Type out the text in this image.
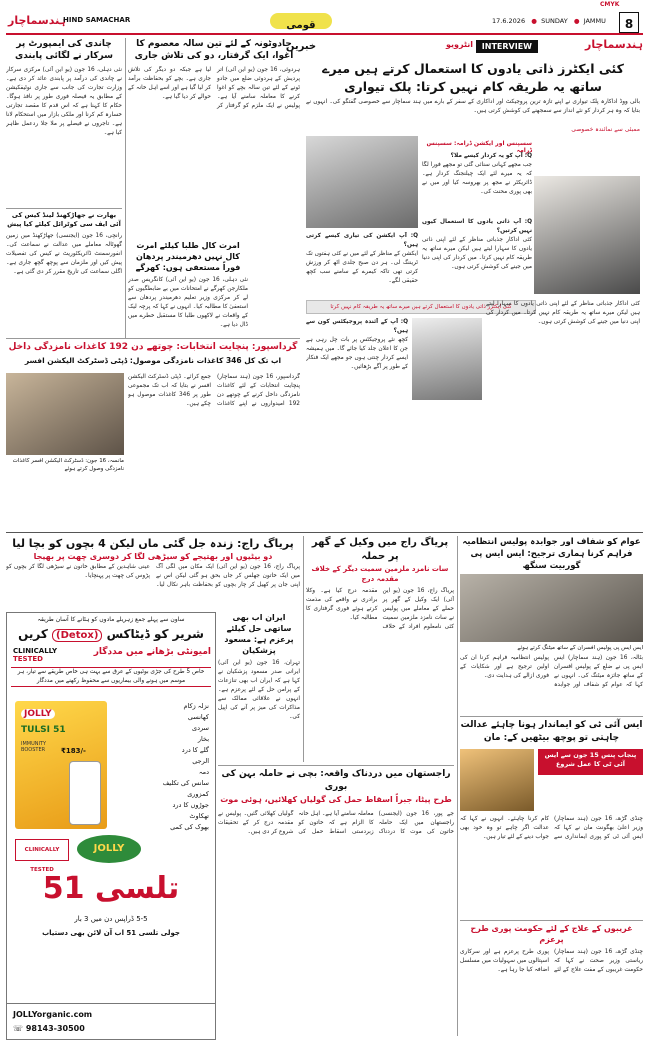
CMYK
ہندسماچار
HIND SAMACHAR	قومی خبریں
17.6.2026 ● SUNDAY ● JAMMU	8
چاندی کی ایمپورٹ پر سرکار نے لگائی پابندی
نئی دہلی، 16 جون (یو این آئی) مرکزی سرکار نے چاندی کی درآمد پر پابندی عائد کر دی ہے۔ وزارت تجارت کی جانب سے جاری نوٹیفکیشن کے مطابق یہ فیصلہ فوری طور پر نافذ ہوگا۔ حکام کا کہنا ہے کہ اس قدم کا مقصد تجارتی خسارہ کم کرنا اور ملکی بازار میں استحکام لانا ہے۔ تاجروں نے فیصلے پر ملا جلا ردعمل ظاہر کیا ہے۔
بھارت نے جھاڑکھنڈ لینڈ کیس کی آئی ایف سی کوٹرائل کیلئے کیا پیش
رانچی، 16 جون (ایجنسی) جھاڑکھنڈ میں زمین گھوٹالہ معاملے میں عدالت نے سماعت کی۔ انفورسمنٹ ڈائریکٹوریٹ نے کیس کی تفصیلات پیش کیں اور ملزمان سے پوچھ گچھ جاری ہے۔ اگلی سماعت کی تاریخ مقرر کر دی گئی ہے۔
جادوٹونہ کے لئے تین سالہ معصوم کا اغوا، ایک گرفتار، دو کی تلاش جاری
ہردوئی، 16 جون (یو این آئی) اتر پردیش کے ہردوئی ضلع میں جادو ٹونے کے لئے تین سالہ بچے کو اغوا کرنے کا معاملہ سامنے آیا ہے۔ پولیس نے ایک ملزم کو گرفتار کر لیا ہے جبکہ دو دیگر کی تلاش جاری ہے۔ بچے کو بحفاظت برآمد کر لیا گیا ہے اور اسے اہل خانہ کے حوالے کر دیا گیا ہے۔
امرت کال طلبا کیلئے امرت کال نہیں دھرمیندر پردھان فوراً مستعفی ہوں: کھرگے
نئی دہلی، 16 جون (یو این آئی) کانگریس صدر ملکارجن کھرگے نے امتحانات میں بے ضابطگیوں کو لے کر مرکزی وزیر تعلیم دھرمیندر پردھان سے استعفیٰ کا مطالبہ کیا۔ انہوں نے کہا کہ پرچہ لیک کے واقعات نے لاکھوں طلبا کا مستقبل خطرے میں ڈال دیا ہے۔
ہندسماچار
INTERVIEW
انٹرویو
کئی ایکٹرز ذاتی یادوں کا استعمال کرتے ہیں میرے ساتھ یہ طریقہ کام نہیں کرتا: پلک تیواری
بالی ووڈ اداکارہ پلک تیواری نے اپنے تازہ ترین پروجیکٹ اور اداکاری کے سفر کے بارے میں ہند سماچار سے خصوصی گفتگو کی۔ انہوں نے بتایا کہ وہ ہر کردار کو نئے انداز سے سمجھنے کی کوشش کرتی ہیں۔
ممبئی سے نمائندہ خصوصی
سسپنس اور ایکشن ڈرامہ: سسپنس ڈرامہ
Q: آپ کو یہ کردار کیسے ملا؟
جب مجھے کہانی سنائی گئی تو مجھے فوراً لگا کہ یہ میرے لئے ایک چیلنجنگ کردار ہے۔ ڈائریکٹر نے مجھ پر بھروسہ کیا اور میں نے بھی پوری محنت کی۔
Q: آپ ایکشن کی تیاری کیسے کرتی ہیں؟
ایکشن کے مناظر کے لئے میں نے کئی ہفتوں تک ٹریننگ لی۔ ہر دن صبح جلدی اٹھ کر ورزش کرتی تھی تاکہ کیمرے کے سامنے سب کچھ حقیقی لگے۔
Q: آپ ذاتی یادوں کا استعمال کیوں نہیں کرتیں؟
کئی اداکار جذباتی مناظر کے لئے اپنی ذاتی یادوں کا سہارا لیتے ہیں لیکن میرے ساتھ یہ طریقہ کام نہیں کرتا۔ میں کردار کی اپنی دنیا میں جینے کی کوشش کرتی ہوں۔
کئی ایکٹرز ذاتی یادوں کا استعمال کرتے ہیں میرے ساتھ یہ طریقہ کام نہیں کرتا
Q: آپ کے آئندہ پروجیکٹس کون سے ہیں؟
کچھ نئے پروجیکٹس پر بات چل رہی ہے جن کا اعلان جلد کیا جائے گا۔ میں ہمیشہ ایسے کردار چنتی ہوں جو مجھے ایک فنکار کے طور پر آگے بڑھائیں۔
کئی اداکار جذباتی مناظر کے لئے اپنی ذاتی یادوں کا سہارا لیتے ہیں لیکن میرے ساتھ یہ طریقہ کام نہیں کرتا۔ میں کردار کی اپنی دنیا میں جینے کی کوشش کرتی ہوں۔
گرداسپور: پنچایت انتخابات: چوتھے دن 192 کاغذات نامزدگی داخل
اب تک کل 346 کاغذات نامزدگی موصول: ڈپٹی ڈسٹرکٹ الیکشن افسر
مانسہ، 16 جون: ڈسٹرکٹ الیکشن افسر کاغذات نامزدگی وصول کرتے ہوئے
گرداسپور، 16 جون (ہند سماچار) پنچایت انتخابات کے لئے کاغذات نامزدگی داخل کرنے کے چوتھے دن 192 امیدواروں نے اپنے کاغذات جمع کرائے۔ ڈپٹی ڈسٹرکٹ الیکشن افسر نے بتایا کہ اب تک مجموعی طور پر 346 کاغذات موصول ہو چکے ہیں۔
پریاگ راج: زندہ جل گئی ماں لیکن 4 بچوں کو بچا لیا
دو بیٹیوں اور بھتیجے کو سیڑھی لگا کر دوسری چھت پر بھیجا
پریاگ راج، 16 جون (یو این آئی) ایک مکان میں لگی آگ میں ایک خاتون جھلس کر جاں بحق ہو گئی لیکن اس نے اپنی جان پر کھیل کر چار بچوں کو بحفاظت باہر نکال لیا۔ عینی شاہدین کے مطابق خاتون نے سیڑھی لگا کر بچوں کو پڑوس کی چھت پر پہنچایا۔
ساون سے پہلے جمع زہریلے مادوں کو ہٹانے کا آسان طریقہ
شریر کو ڈیٹاکس (Detox) کریں
امیونٹی بڑھانے میں مددگار
CLINICALLY
TESTED
خاص 5 طرح کی جڑی بوٹیوں کے عرق سے بہت ہی خاص طریقے سے تیار، ہر موسم میں ہونے والی بیماریوں سے محفوظ رکھنے میں مددگار
JOLLY
TULSI 51
IMMUNITY BOOSTER	₹183/-
نزلہ زکام
کھانسی
سردی
بخار
گلے کا درد
الرجی
دمہ
سانس کی تکلیف
کمزوری
جوڑوں کا درد
تھکاوٹ
بھوک کی کمی
CLINICALLY TESTED
JOLLY
تلسی 51
5-5 ڈراپس دن میں 3 بار
جولی تلسی 51 اب آن لائن بھی دستیاب
JOLLYorganic.com
☏ 98143-30500
ایران اب بھی ساتھی حل کیلئے پرعزم ہے: مسعود پزشکیان
تہران، 16 جون (یو این آئی) ایرانی صدر مسعود پزشکیان نے کہا ہے کہ ایران اب بھی تنازعات کے پرامن حل کے لئے پرعزم ہے۔ انہوں نے علاقائی ممالک سے مذاکرات کی میز پر آنے کی اپیل کی۔
پریاگ راج میں وکیل کے گھر پر حملہ
سات نامزد ملزمین سمیت دیگر کے خلاف مقدمہ درج
پریاگ راج، 16 جون (یو این آئی) ایک وکیل کے گھر پر حملے کے معاملے میں پولیس نے سات نامزد ملزمین سمیت کئی نامعلوم افراد کے خلاف مقدمہ درج کیا ہے۔ وکلا برادری نے واقعے کی مذمت کرتے ہوئے فوری گرفتاری کا مطالبہ کیا۔
عوام کو شفاف اور جوابدہ پولیس انتظامیہ فراہم کرنا ہماری ترجیح: ایس ایس پی گوربیت سنگھ
ایس ایس پی پولیس افسران کے ساتھ میٹنگ کرتے ہوئے
بٹالہ، 16 جون (ہند سماچار) ایس ایس پی نے ضلع کے پولیس افسران کے ساتھ جائزہ میٹنگ کی۔ انہوں نے کہا کہ عوام کو شفاف اور جوابدہ پولیس انتظامیہ فراہم کرنا ان کی اولین ترجیح ہے اور شکایات کے فوری ازالے کی ہدایت دی۔
ایس آئی ٹی کو ایماندار ہونا چاہئے عدالت چاہتی تو پوچھ بیٹھیں کے: مان
پنجاب پنس 15 جون سے ایس آئی ٹی کا عمل شروع
چنڈی گڑھ، 16 جون (ہند سماچار) وزیر اعلیٰ بھگونت مان نے کہا کہ ایس آئی ٹی کو پوری ایمانداری سے کام کرنا چاہئے۔ انہوں نے کہا کہ عدالت اگر چاہے تو وہ خود بھی جواب دینے کے لئے تیار ہیں۔
راجستھان میں دردناک واقعہ: بچی نے حاملہ بہن کی بوری
طرح پیٹا، جبراً اسقاط حمل کی گولیاں کھلائیں، ہوئی موت
جے پور، 16 جون (ایجنسی) راجستھان میں ایک حاملہ خاتون کی موت کا دردناک معاملہ سامنے آیا ہے۔ اہل خانہ کا الزام ہے کہ خاتون کو زبردستی اسقاط حمل کی گولیاں کھلائی گئیں۔ پولیس نے مقدمہ درج کر کے تحقیقات شروع کر دی ہیں۔
غریبوں کے علاج کے لئے حکومت پوری طرح پرعزم
چنڈی گڑھ، 16 جون (ہند سماچار) ریاستی وزیر صحت نے کہا کہ حکومت غریبوں کے مفت علاج کے لئے پوری طرح پرعزم ہے اور سرکاری اسپتالوں میں سہولیات میں مسلسل اضافہ کیا جا رہا ہے۔
